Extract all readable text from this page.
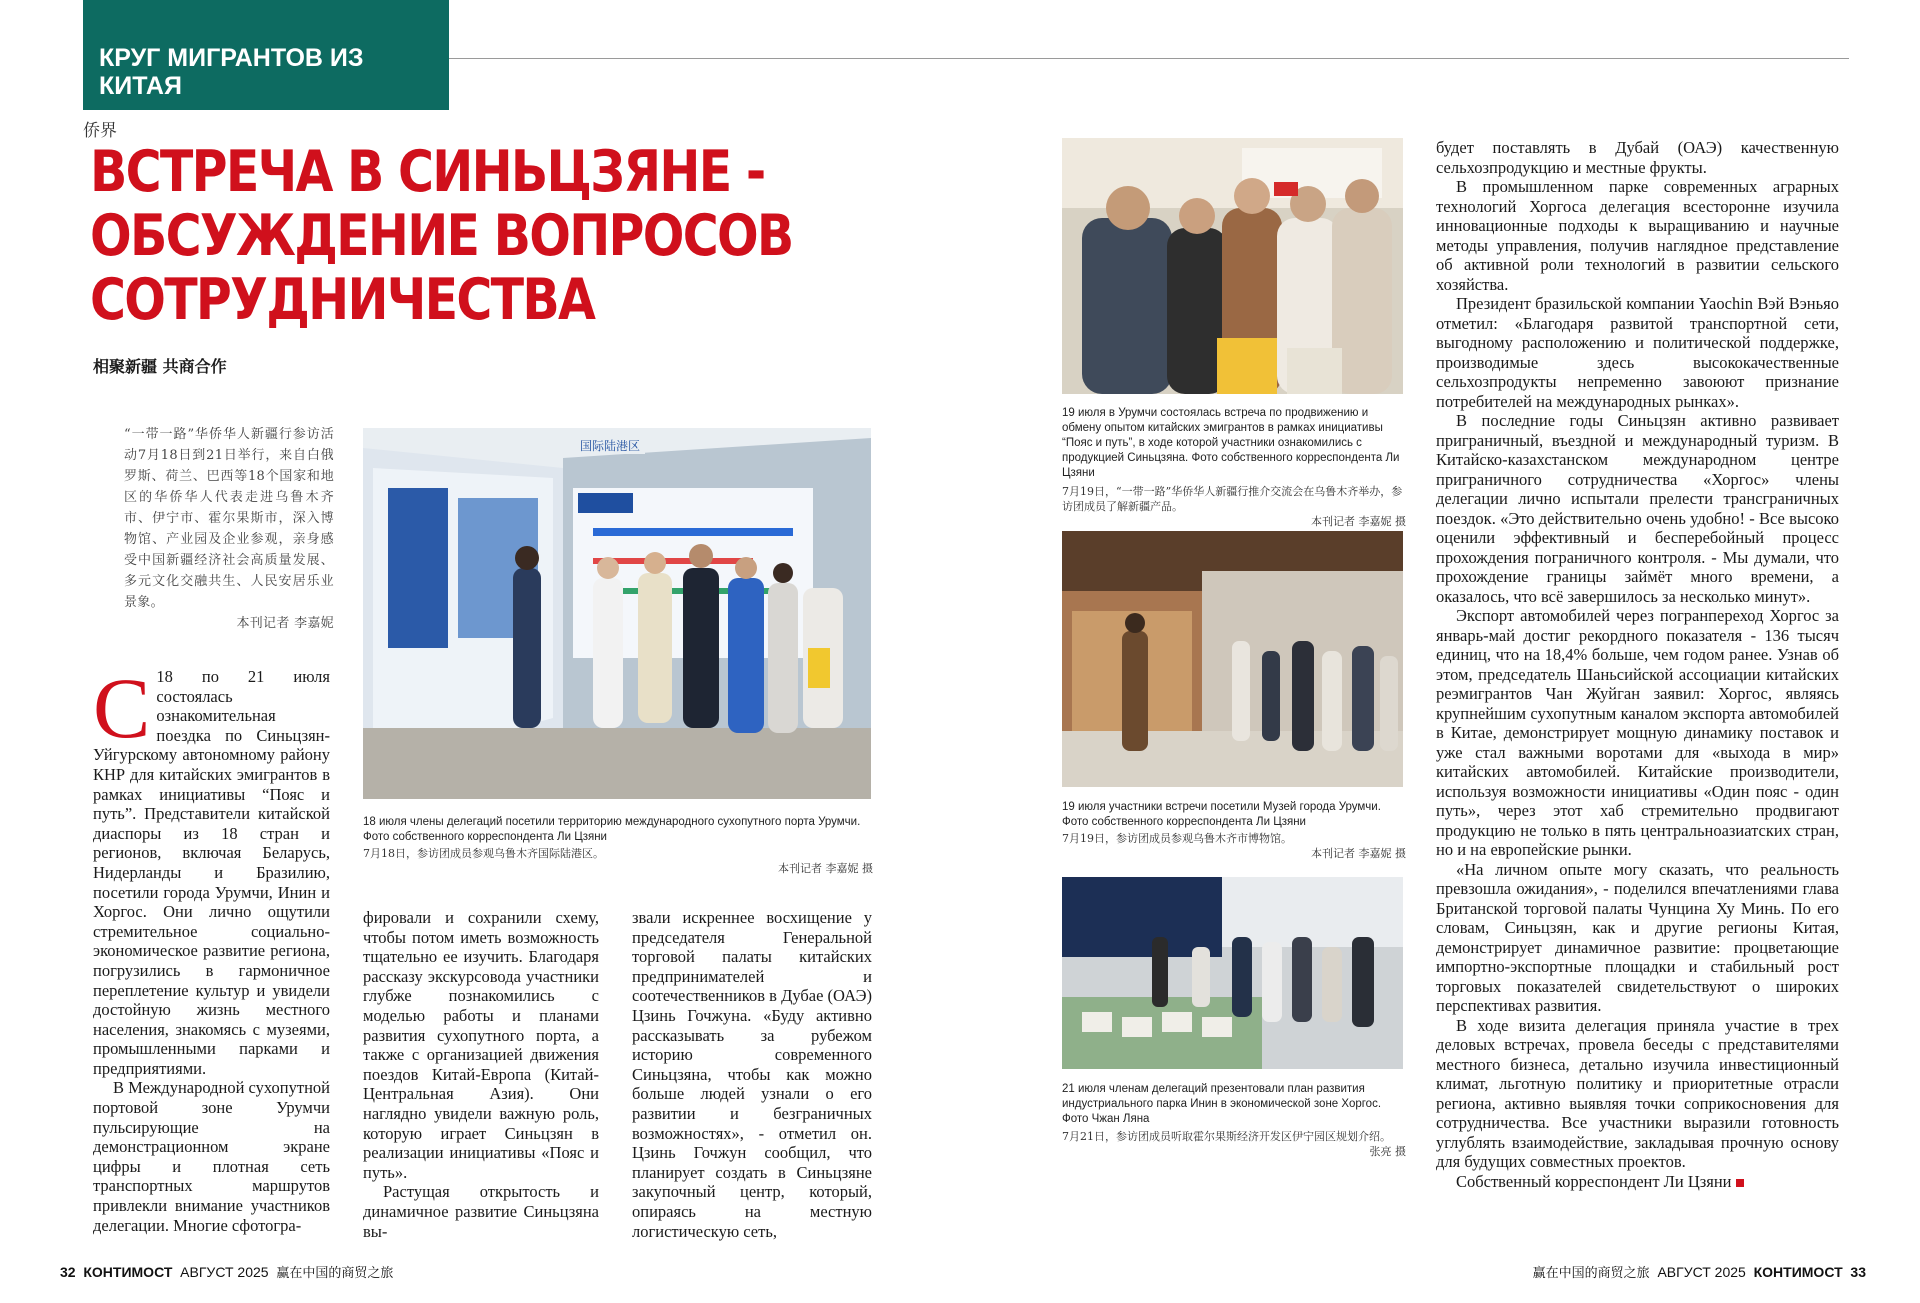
КРУГ МИГРАНТОВ ИЗ
КИТАЯ
侨界
ВСТРЕЧА В СИНЬЦЗЯНЕ -
ОБСУЖДЕНИЕ ВОПРОСОВ
СОТРУДНИЧЕСТВА
相聚新疆 共商合作
“一带一路”华侨华人新疆行参访活动7月18日到21日举行，来自白俄罗斯、荷兰、巴西等18个国家和地区的华侨华人代表走进乌鲁木齐市、伊宁市、霍尔果斯市，深入博物馆、产业园及企业参观，亲身感受中国新疆经济社会高质量发展、多元文化交融共生、人民安居乐业景象。
本刊记者 李嘉妮
国际陆港区
18 июля члены делегаций посетили территорию международного сухопутного порта Урумчи. Фото собственного корреспондента Ли Цзяни
7月18日，参访团成员参观乌鲁木齐国际陆港区。
本刊记者 李嘉妮 摄
С 18 по 21 июля состоялась ознакомительная поездка по Синьцзян-Уйгурскому автономному району КНР для китайских эмигрантов в рамках инициативы “Пояс и путь”. Представители китайской диаспоры из 18 стран и регионов, включая Беларусь, Нидерланды и Бразилию, посетили города Урумчи, Инин и Хоргос. Они лично ощутили стремительное социально-экономическое развитие региона, погрузились в гармоничное переплетение культур и увидели достойную жизнь местного населения, знакомясь с музеями, промышленными парками и предприятиями.

В Международной сухопутной портовой зоне Урумчи пульсирующие на демонстрационном экране цифры и плотная сеть транспортных маршрутов привлекли внимание участников делегации. Многие сфотогра-

фировали и сохранили схему, чтобы потом иметь возможность тщательно ее изучить. Благодаря рассказу экскурсовода участники глубже познакомились с моделью работы и планами развития сухопутного порта, а также с организацией движения поездов Китай-Европа (Китай-Центральная Азия). Они наглядно увидели важную роль, которую играет Синьцзян в реализации инициативы «Пояс и путь».

Растущая открытость и динамичное развитие Синьцзяна вы-

звали искреннее восхищение у председателя Генеральной торговой палаты китайских предпринимателей и соотечественников в Дубае (ОАЭ) Цзинь Гочжуна. «Буду активно рассказывать за рубежом историю современного Синьцзяна, чтобы как можно больше людей узнали о его развитии и безграничных возможностях», - отметил он. Цзинь Гочжун сообщил, что планирует создать в Синьцзяне закупочный центр, который, опираясь на местную логистическую сеть,

19 июля в Урумчи состоялась встреча по продвижению и обмену опытом китайских эмигрантов в рамках инициативы “Пояс и путь”, в ходе которой участники ознакомились с продукцией Синьцзяна. Фото собственного корреспондента Ли Цзяни
7月19日，“一带一路”华侨华人新疆行推介交流会在乌鲁木齐举办，参访团成员了解新疆产品。
本刊记者 李嘉妮 摄
19 июля участники встречи посетили Музей города Урумчи. Фото собственного корреспондента Ли Цзяни
7月19日，参访团成员参观乌鲁木齐市博物馆。
本刊记者 李嘉妮 摄
21 июля членам делегаций презентовали план развития индустриального парка Инин в экономической зоне Хоргос. Фото Чжан Ляна
7月21日，参访团成员听取霍尔果斯经济开发区伊宁园区规划介绍。
张亮 摄

будет поставлять в Дубай (ОАЭ) качественную сельхозпродукцию и местные фрукты.

В промышленном парке современных аграрных технологий Хоргоса делегация всесторонне изучила инновационные подходы к выращиванию и научные методы управления, получив наглядное представление об активной роли технологий в развитии сельского хозяйства.

Президент бразильской компании Yaochin Вэй Вэньяо отметил: «Благодаря развитой транспортной сети, выгодному расположению и политической поддержке, производимые здесь высококачественные сельхозпродукты непременно завоюют признание потребителей на международных рынках».

В последние годы Синьцзян активно развивает приграничный, въездной и международный туризм. В Китайско-казахстанском международном центре приграничного сотрудничества «Хоргос» члены делегации лично испытали прелести трансграничных поездок. «Это действительно очень удобно! - Все высоко оценили эффективный и бесперебойный процесс прохождения пограничного контроля. - Мы думали, что прохождение границы займёт много времени, а оказалось, что всё завершилось за несколько минут».

Экспорт автомобилей через погранпереход Хоргос за январь-май достиг рекордного показателя - 136 тысяч единиц, что на 18,4% больше, чем годом ранее. Узнав об этом, председатель Шаньсийской ассоциации китайских реэмигрантов Чан Жуйган заявил: Хоргос, являясь крупнейшим сухопутным каналом экспорта автомобилей в Китае, демонстрирует мощную динамику поставок и уже стал важными воротами для «выхода в мир» китайских автомобилей. Китайские производители, используя возможности инициативы «Один пояс - один путь», через этот хаб стремительно продвигают продукцию не только в пять центральноазиатских стран, но и на европейские рынки.

«На личном опыте могу сказать, что реальность превзошла ожидания», - поделился впечатлениями глава Британской торговой палаты Чунцина Ху Минь. По его словам, Синьцзян, как и другие регионы Китая, демонстрирует динамичное развитие: процветающие импортно-экспортные площадки и стабильный рост торговых показателей свидетельствуют о широких перспективах развития.

В ходе визита делегация приняла участие в трех деловых встречах, провела беседы с представителями местного бизнеса, детально изучила инвестиционный климат, льготную политику и приоритетные отрасли региона, активно выявляя точки соприкосновения для сотрудничества. Все участники выразили готовность углублять взаимодействие, закладывая прочную основу для будущих совместных проектов.

Собственный корреспондент Ли Цзяни

32 КОНТИМОСТ АВГУСТ 2025 赢在中国的商贸之旅	赢在中国的商贸之旅 АВГУСТ 2025 КОНТИМОСТ 33
